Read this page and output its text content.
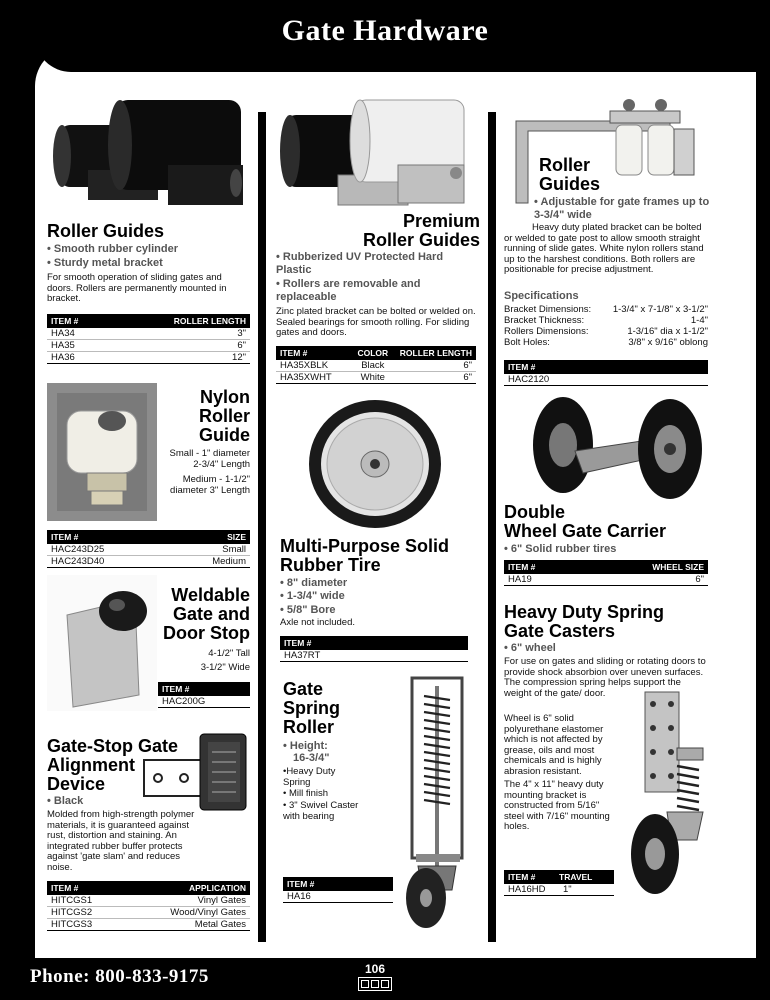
Gate Hardware
Phone: 800-833-9175	106
Roller Guides
• Smooth rubber cylinder
• Sturdy metal bracket
For smooth operation of sliding gates and doors. Rollers are permanently mounted in bracket.
ITEM #	ROLLER LENGTH
HA34	3"
HA35	6"
HA36	12"
Nylon
Roller
Guide
Small - 1" diameter 2-3/4" Length
Medium - 1-1/2" diameter 3" Length
ITEM #	SIZE
HAC243D25	Small
HAC243D40	Medium
Weldable
Gate and
Door Stop
4-1/2" Tall
3-1/2" Wide
ITEM #
HAC200G
Gate-Stop Gate
Alignment
Device
• Black
Molded from high-strength polymer materials, it is guaranteed against rust, distortion and staining. An integrated rubber buffer protects against 'gate slam' and reduces noise.
ITEM #	APPLICATION
HITCGS1	Vinyl Gates
HITCGS2	Wood/Vinyl Gates
HITCGS3	Metal Gates
Premium
Roller Guides
• Rubberized UV Protected Hard Plastic
• Rollers are removable and replaceable
Zinc plated bracket can be bolted or welded on. Sealed bearings for smooth rolling. For sliding gates and doors.
ITEM #	COLOR	ROLLER LENGTH
HA35XBLK	Black	6"
HA35XWHT	White	6"
Multi-Purpose Solid
Rubber Tire
• 8" diameter
• 1-3/4" wide
• 5/8" Bore
Axle not included.
ITEM #
HA37RT
Gate
Spring
Roller
• Height:
16-3/4"
•Heavy Duty Spring
• Mill finish
• 3" Swivel Caster with bearing
ITEM #
HA16
Roller
Guides
• Adjustable for gate frames up to 3-3/4" wide
Heavy duty plated bracket can be bolted or welded to gate post to allow smooth straight running of slide gates. White nylon rollers stand up to the harshest conditions. Both rollers are positionable for precise adjustment.
Specifications
Bracket Dimensions: 1-3/4" x 7-1/8" x 3-1/2"
Bracket Thickness:	1-4"
Rollers Dimensions:	1-3/16" dia x 1-1/2"
Bolt Holes:	3/8" x 9/16" oblong
ITEM #
HAC2120
Double
Wheel Gate Carrier
• 6" Solid rubber tires
ITEM #	WHEEL SIZE
HA19	6"
Heavy Duty Spring
Gate Casters
• 6" wheel
For use on gates and sliding or rotating doors to provide shock absorbion over uneven surfaces. The compression spring helps support the weight of the gate/ door.
Wheel is 6" solid polyurethane elastomer which is not affected by grease, oils and most chemicals and is highly abrasion resistant.
The 4" x 11" heavy duty mounting bracket is constructed from 5/16" steel with 7/16" mounting holes.
ITEM #	TRAVEL
HA16HD	1"
